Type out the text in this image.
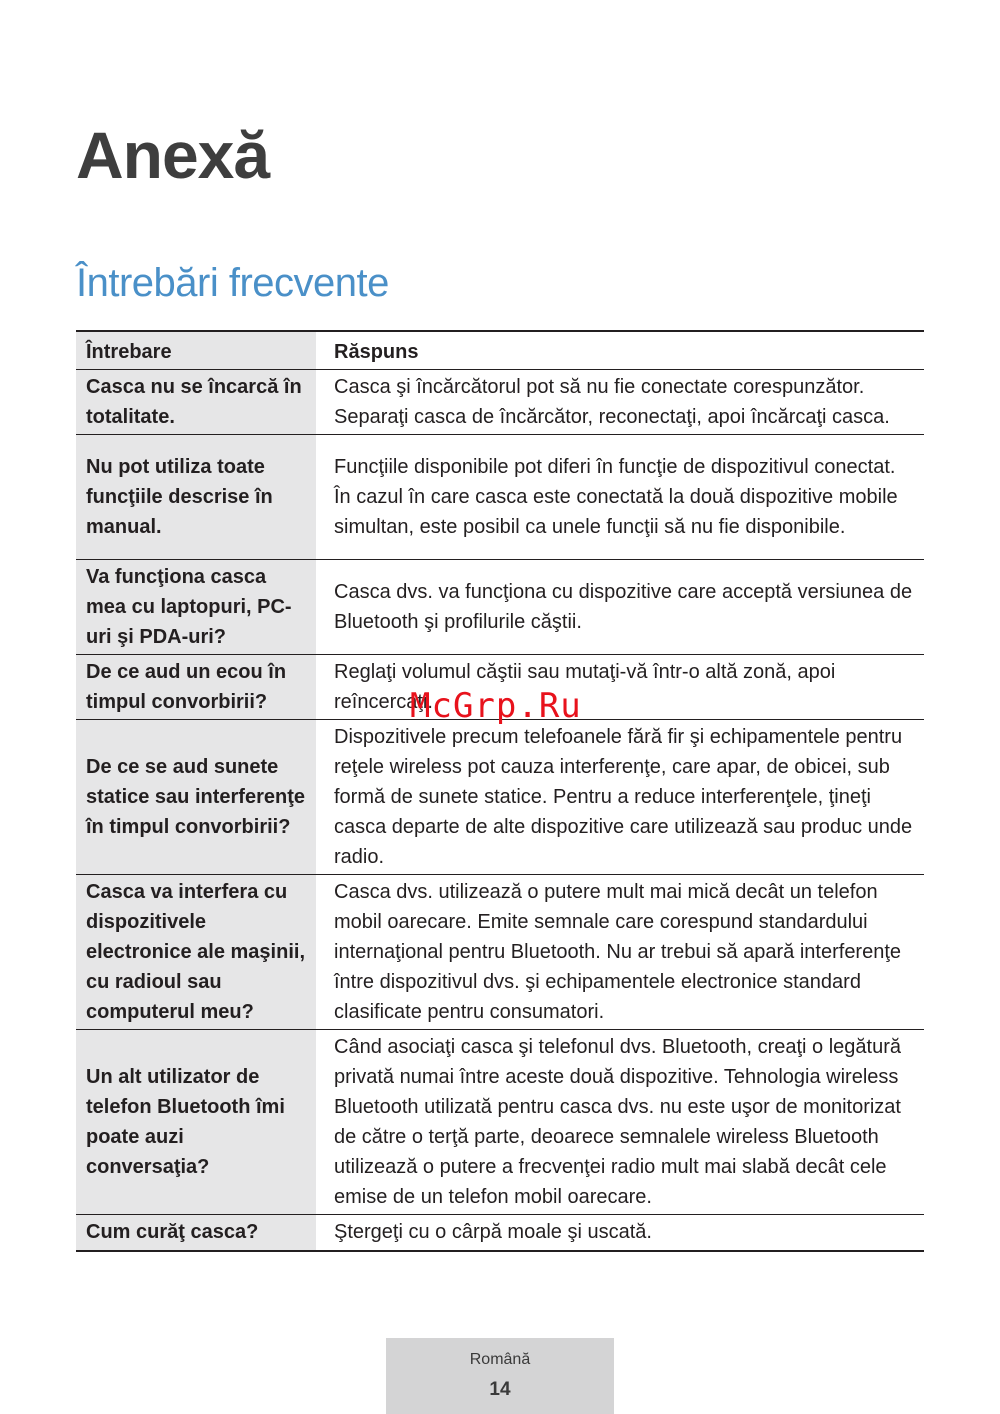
Anexă
Întrebări frecvente
Întrebare	Răspuns
Casca nu se încarcă în totalitate.	Casca şi încărcătorul pot să nu fie conectate corespunzător. Separaţi casca de încărcător, reconectaţi, apoi încărcaţi casca.
Nu pot utiliza toate funcţiile descrise în manual.	Funcţiile disponibile pot diferi în funcţie de dispozitivul conectat. În cazul în care casca este conectată la două dispozitive mobile simultan, este posibil ca unele funcţii să nu fie disponibile.
Va funcţiona casca mea cu laptopuri, PC-uri şi PDA-uri?	Casca dvs. va funcţiona cu dispozitive care acceptă versiunea de Bluetooth şi profilurile căştii.
De ce aud un ecou în timpul convorbirii?	Reglaţi volumul căştii sau mutaţi-vă într-o altă zonă, apoi reîncercaţi.
De ce se aud sunete statice sau interferenţe în timpul convorbirii?	Dispozitivele precum telefoanele fără fir şi echipamentele pentru reţele wireless pot cauza interferenţe, care apar, de obicei, sub formă de sunete statice. Pentru a reduce interferenţele, ţineţi casca departe de alte dispozitive care utilizează sau produc unde radio.
Casca va interfera cu dispozitivele electronice ale maşinii, cu radioul sau computerul meu?	Casca dvs. utilizează o putere mult mai mică decât un telefon mobil oarecare. Emite semnale care corespund standardului internaţional pentru Bluetooth. Nu ar trebui să apară interferenţe între dispozitivul dvs. şi echipamentele electronice standard clasificate pentru consumatori.
Un alt utilizator de telefon Bluetooth îmi poate auzi conversaţia?	Când asociaţi casca şi telefonul dvs. Bluetooth, creaţi o legătură privată numai între aceste două dispozitive. Tehnologia wireless Bluetooth utilizată pentru casca dvs. nu este uşor de monitorizat de către o terţă parte, deoarece semnalele wireless Bluetooth utilizează o putere a frecvenţei radio mult mai slabă decât cele emise de un telefon mobil oarecare.
Cum curăţ casca?	Ştergeţi cu o cârpă moale şi uscată.
McGrp.Ru
Română
14
